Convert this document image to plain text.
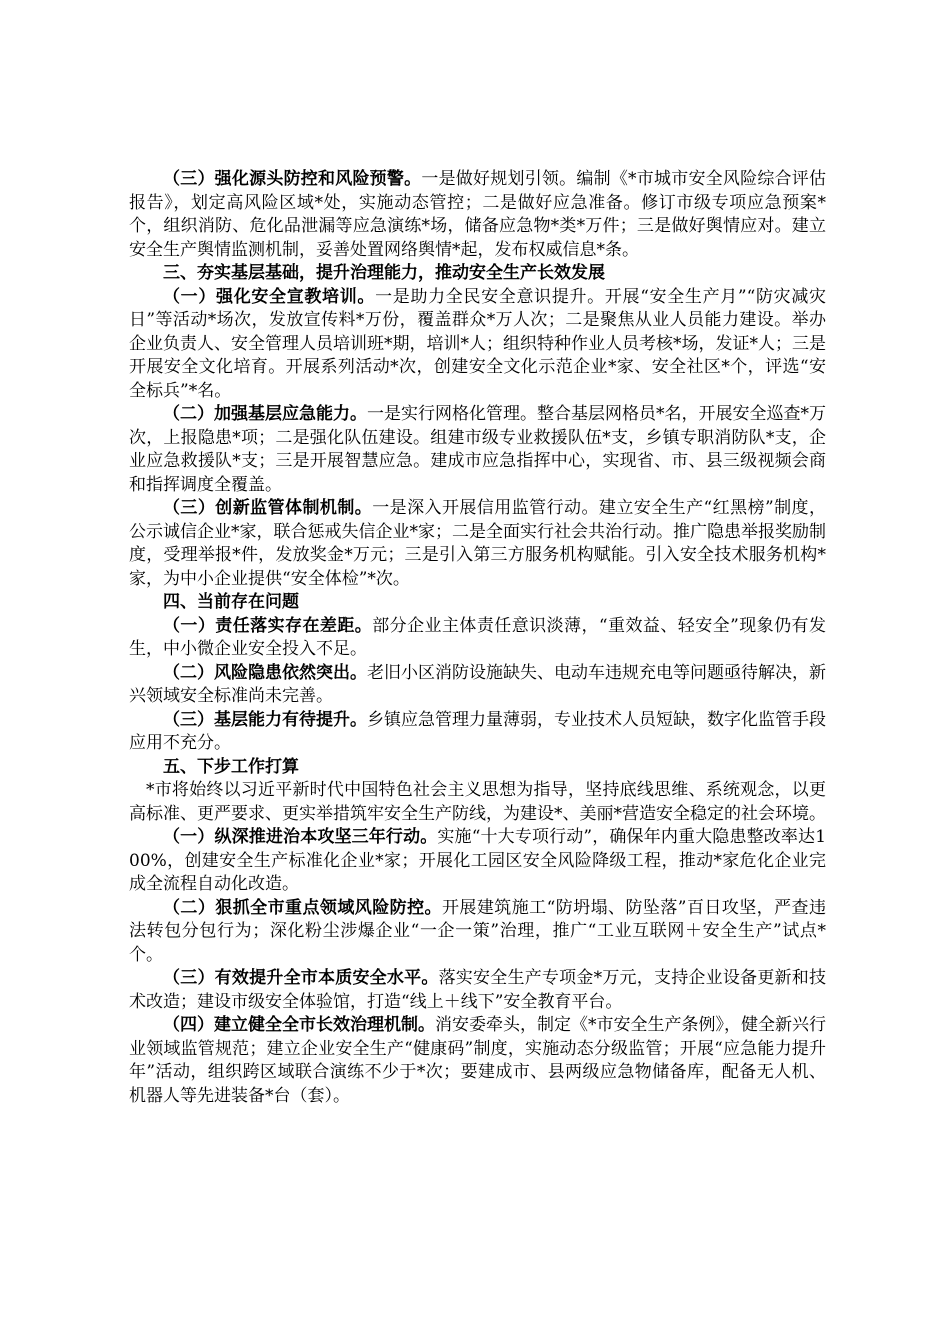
（三）强化源头防控和风险预警。一是做好规划引领。编制《*市城市安全风险综合评估报告》，划定高风险区域*处，实施动态管控；二是做好应急准备。修订市级专项应急预案*个，组织消防、危化品泄漏等应急演练*场，储备应急物*类*万件；三是做好舆情应对。建立安全生产舆情监测机制，妥善处置网络舆情*起，发布权威信息*条。

三、夯实基层基础，提升治理能力，推动安全生产长效发展

（一）强化安全宣教培训。一是助力全民安全意识提升。开展“安全生产月”“防灾减灾日”等活动*场次，发放宣传料*万份，覆盖群众*万人次；二是聚焦从业人员能力建设。举办企业负责人、安全管理人员培训班*期，培训*人；组织特种作业人员考核*场，发证*人；三是开展安全文化培育。开展系列活动*次，创建安全文化示范企业*家、安全社区*个，评选“安全标兵”*名。

（二）加强基层应急能力。一是实行网格化管理。整合基层网格员*名，开展安全巡查*万次，上报隐患*项；二是强化队伍建设。组建市级专业救援队伍*支，乡镇专职消防队*支，企业应急救援队*支；三是开展智慧应急。建成市应急指挥中心，实现省、市、县三级视频会商和指挥调度全覆盖。

（三）创新监管体制机制。一是深入开展信用监管行动。建立安全生产“红黑榜”制度，公示诚信企业*家，联合惩戒失信企业*家；二是全面实行社会共治行动。推广隐患举报奖励制度，受理举报*件，发放奖金*万元；三是引入第三方服务机构赋能。引入安全技术服务机构*家，为中小企业提供“安全体检”*次。

四、当前存在问题

（一）责任落实存在差距。部分企业主体责任意识淡薄，“重效益、轻安全”现象仍有发生，中小微企业安全投入不足。

（二）风险隐患依然突出。老旧小区消防设施缺失、电动车违规充电等问题亟待解决，新兴领域安全标准尚未完善。

（三）基层能力有待提升。乡镇应急管理力量薄弱，专业技术人员短缺，数字化监管手段应用不充分。

五、下步工作打算

*市将始终以习近平新时代中国特色社会主义思想为指导，坚持底线思维、系统观念，以更高标准、更严要求、更实举措筑牢安全生产防线，为建设*、美丽*营造安全稳定的社会环境。

（一）纵深推进治本攻坚三年行动。实施“十大专项行动”，确保年内重大隐患整改率达100%，创建安全生产标准化企业*家；开展化工园区安全风险降级工程，推动*家危化企业完成全流程自动化改造。

（二）狠抓全市重点领域风险防控。开展建筑施工“防坍塌、防坠落”百日攻坚，严查违法转包分包行为；深化粉尘涉爆企业“一企一策”治理，推广“工业互联网＋安全生产”试点*个。

（三）有效提升全市本质安全水平。落实安全生产专项金*万元，支持企业设备更新和技术改造；建设市级安全体验馆，打造“线上＋线下”安全教育平台。

（四）建立健全全市长效治理机制。消安委牵头，制定《*市安全生产条例》，健全新兴行业领域监管规范；建立企业安全生产“健康码”制度，实施动态分级监管；开展“应急能力提升年”活动，组织跨区域联合演练不少于*次；要建成市、县两级应急物储备库，配备无人机、机器人等先进装备*台（套）。
